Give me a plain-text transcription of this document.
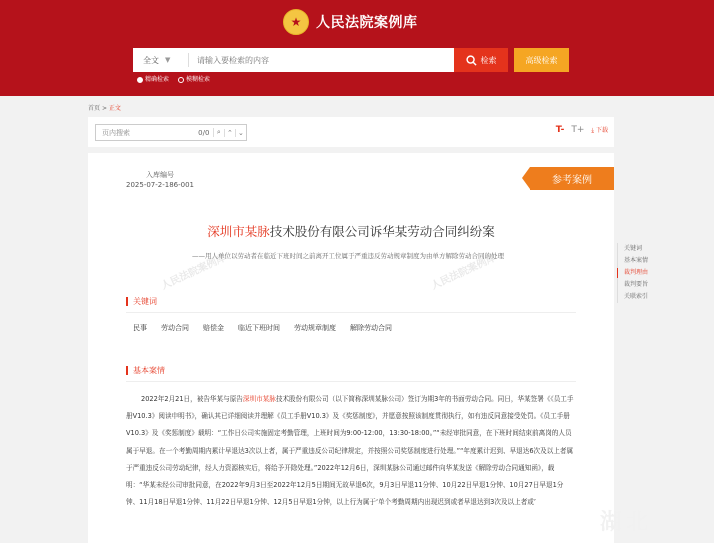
★	人民法院案例库
全文 ▼
请输入要检索的内容	检索	高级检索
精确检索	模糊检索
首页 > 正文
页内搜索	0/0	⌕ ⌃ ⌄	T- T+ ⤓ 下载
人民法院案例库	人民法院案例库
入库编号
2025-07-2-186-001	参考案例
深圳市某脉技术股份有限公司诉华某劳动合同纠纷案
——用人单位以劳动者在临近下班时间之前离开工位属于严重违反劳动规章制度为由单方解除劳动合同的处理
关键词
民事 劳动合同 赔偿金 临近下班时间 劳动规章制度 解除劳动合同
基本案情
2022年2月21日，被告华某与原告深圳市某脉技术股份有限公司（以下简称深圳某脉公司）签订为期3年的书面劳动合同。同日，华某签署《《员工手册V10.3》阅读申明书》，确认其已详细阅读并理解《员工手册V10.3》及《奖惩制度》，并愿意按照该制度贯彻执行，如有违反同意接受处罚。《员工手册V10.3》及《奖惩制度》载明：“工作日公司实施固定考勤管理，上班时间为9:00-12:00，13:30-18:00。”“未经审批同意，在下班时间结束前离岗的人员属于早退。在一个考勤周期内累计早退达3次以上者，属于严重违反公司纪律规定，并按照公司奖惩制度进行处理。”“年度累计迟到、早退达6次及以上者属于严重违反公司劳动纪律，经人力资源核实后，将给予开除处理。”2022年12月6日，深圳某脉公司通过邮件向华某发送《解除劳动合同通知函》，载明：“华某未经公司审批同意，在2022年9月3日至2022年12月5日期间无故早退6次，9月3日早退11分钟、10月22日早退1分钟、10月27日早退1分钟、11月18日早退1分钟、11月22日早退1分钟、12月5日早退1分钟，以上行为属于‘单个考勤周期内出现迟到或者早退达到3次及以上者或’
关键词
基本案情
裁判理由
裁判要旨
关联索引
湖北
